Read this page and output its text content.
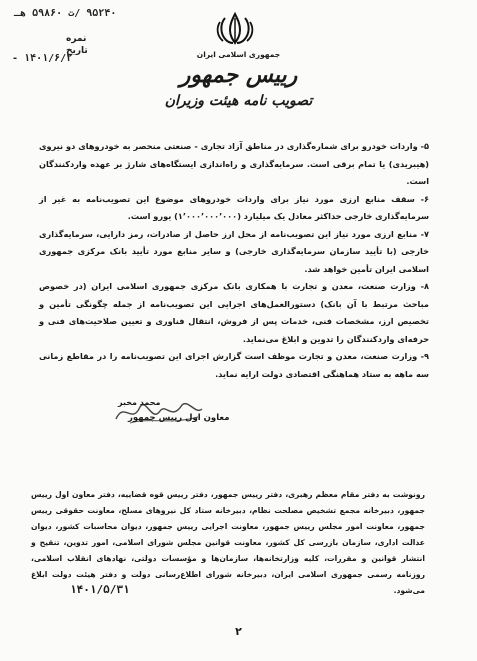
۹۵۲۴۰ /ت ۵۹۸۶۰ هـ
نمره
تاریخ
۱۴۰۱/۶/۲ -	جمهوری اسلامی ایران
رییس جمهور
تصویب نامه هیئت وزیران

۵- واردات خودرو برای شماره‌گذاری در مناطق آزاد تجاری - صنعتی منحصر به خودروهای دو نیروی (هیبریدی) یا تمام برقی است. سرمایه‌گذاری و راه‌اندازی ایستگاه‌های شارژ بر عهده واردکنندگان است.

۶- سقف منابع ارزی مورد نیاز برای واردات خودروهای موضوع این تصویب‌نامه به غیر از سرمایه‌گذاری خارجی حداکثر معادل یک میلیارد (۱٬۰۰۰٬۰۰۰٬۰۰۰) یورو است.

۷- منابع ارزی مورد نیاز این تصویب‌نامه از محل ارز حاصل از صادرات، رمز دارایی، سرمایه‌گذاری خارجی (با تأیید سازمان سرمایه‌گذاری خارجی) و سایر منابع مورد تأیید بانک مرکزی جمهوری اسلامی ایران تأمین خواهد شد.

۸- وزارت صنعت، معدن و تجارت با همکاری بانک مرکزی جمهوری اسلامی ایران (در خصوص مباحث مرتبط با آن بانک) دستورالعمل‌های اجرایی این تصویب‌نامه از جمله چگونگی تأمین و تخصیص ارز، مشخصات فنی، خدمات پس از فروش، انتقال فناوری و تعیین صلاحیت‌های فنی و حرفه‌ای واردکنندگان را تدوین و ابلاغ می‌نماید.

۹- وزارت صنعت، معدن و تجارت موظف است گزارش اجرای این تصویب‌نامه را در مقاطع زمانی سه ماهه به ستاد هماهنگی اقتصادی دولت ارایه نماید.

محمد مخبر
معاون اول رییس جمهور
رونوشت به دفتر مقام معظم رهبری، دفتر رییس جمهور، دفتر رییس قوه قضاییه، دفتر معاون اول رییس جمهور، دبیرخانه مجمع تشخیص مصلحت نظام، دبیرخانه ستاد کل نیروهای مسلح، معاونت حقوقی رییس جمهور، معاونت امور مجلس رییس جمهور، معاونت اجرایی رییس جمهور، دیوان محاسبات کشور، دیوان عدالت اداری، سازمان بازرسی کل کشور، معاونت قوانین مجلس شورای اسلامی، امور تدوین، تنقیح و انتشار قوانین و مقررات، کلیه وزارتخانه‌ها، سازمان‌ها و مؤسسات دولتی، نهادهای انقلاب اسلامی، روزنامه رسمی جمهوری اسلامی ایران، دبیرخانه شورای اطلاع‌رسانی دولت و دفتر هیئت دولت ابلاغ می‌شود.
۱۴۰۱/۵/۳۱
۲
